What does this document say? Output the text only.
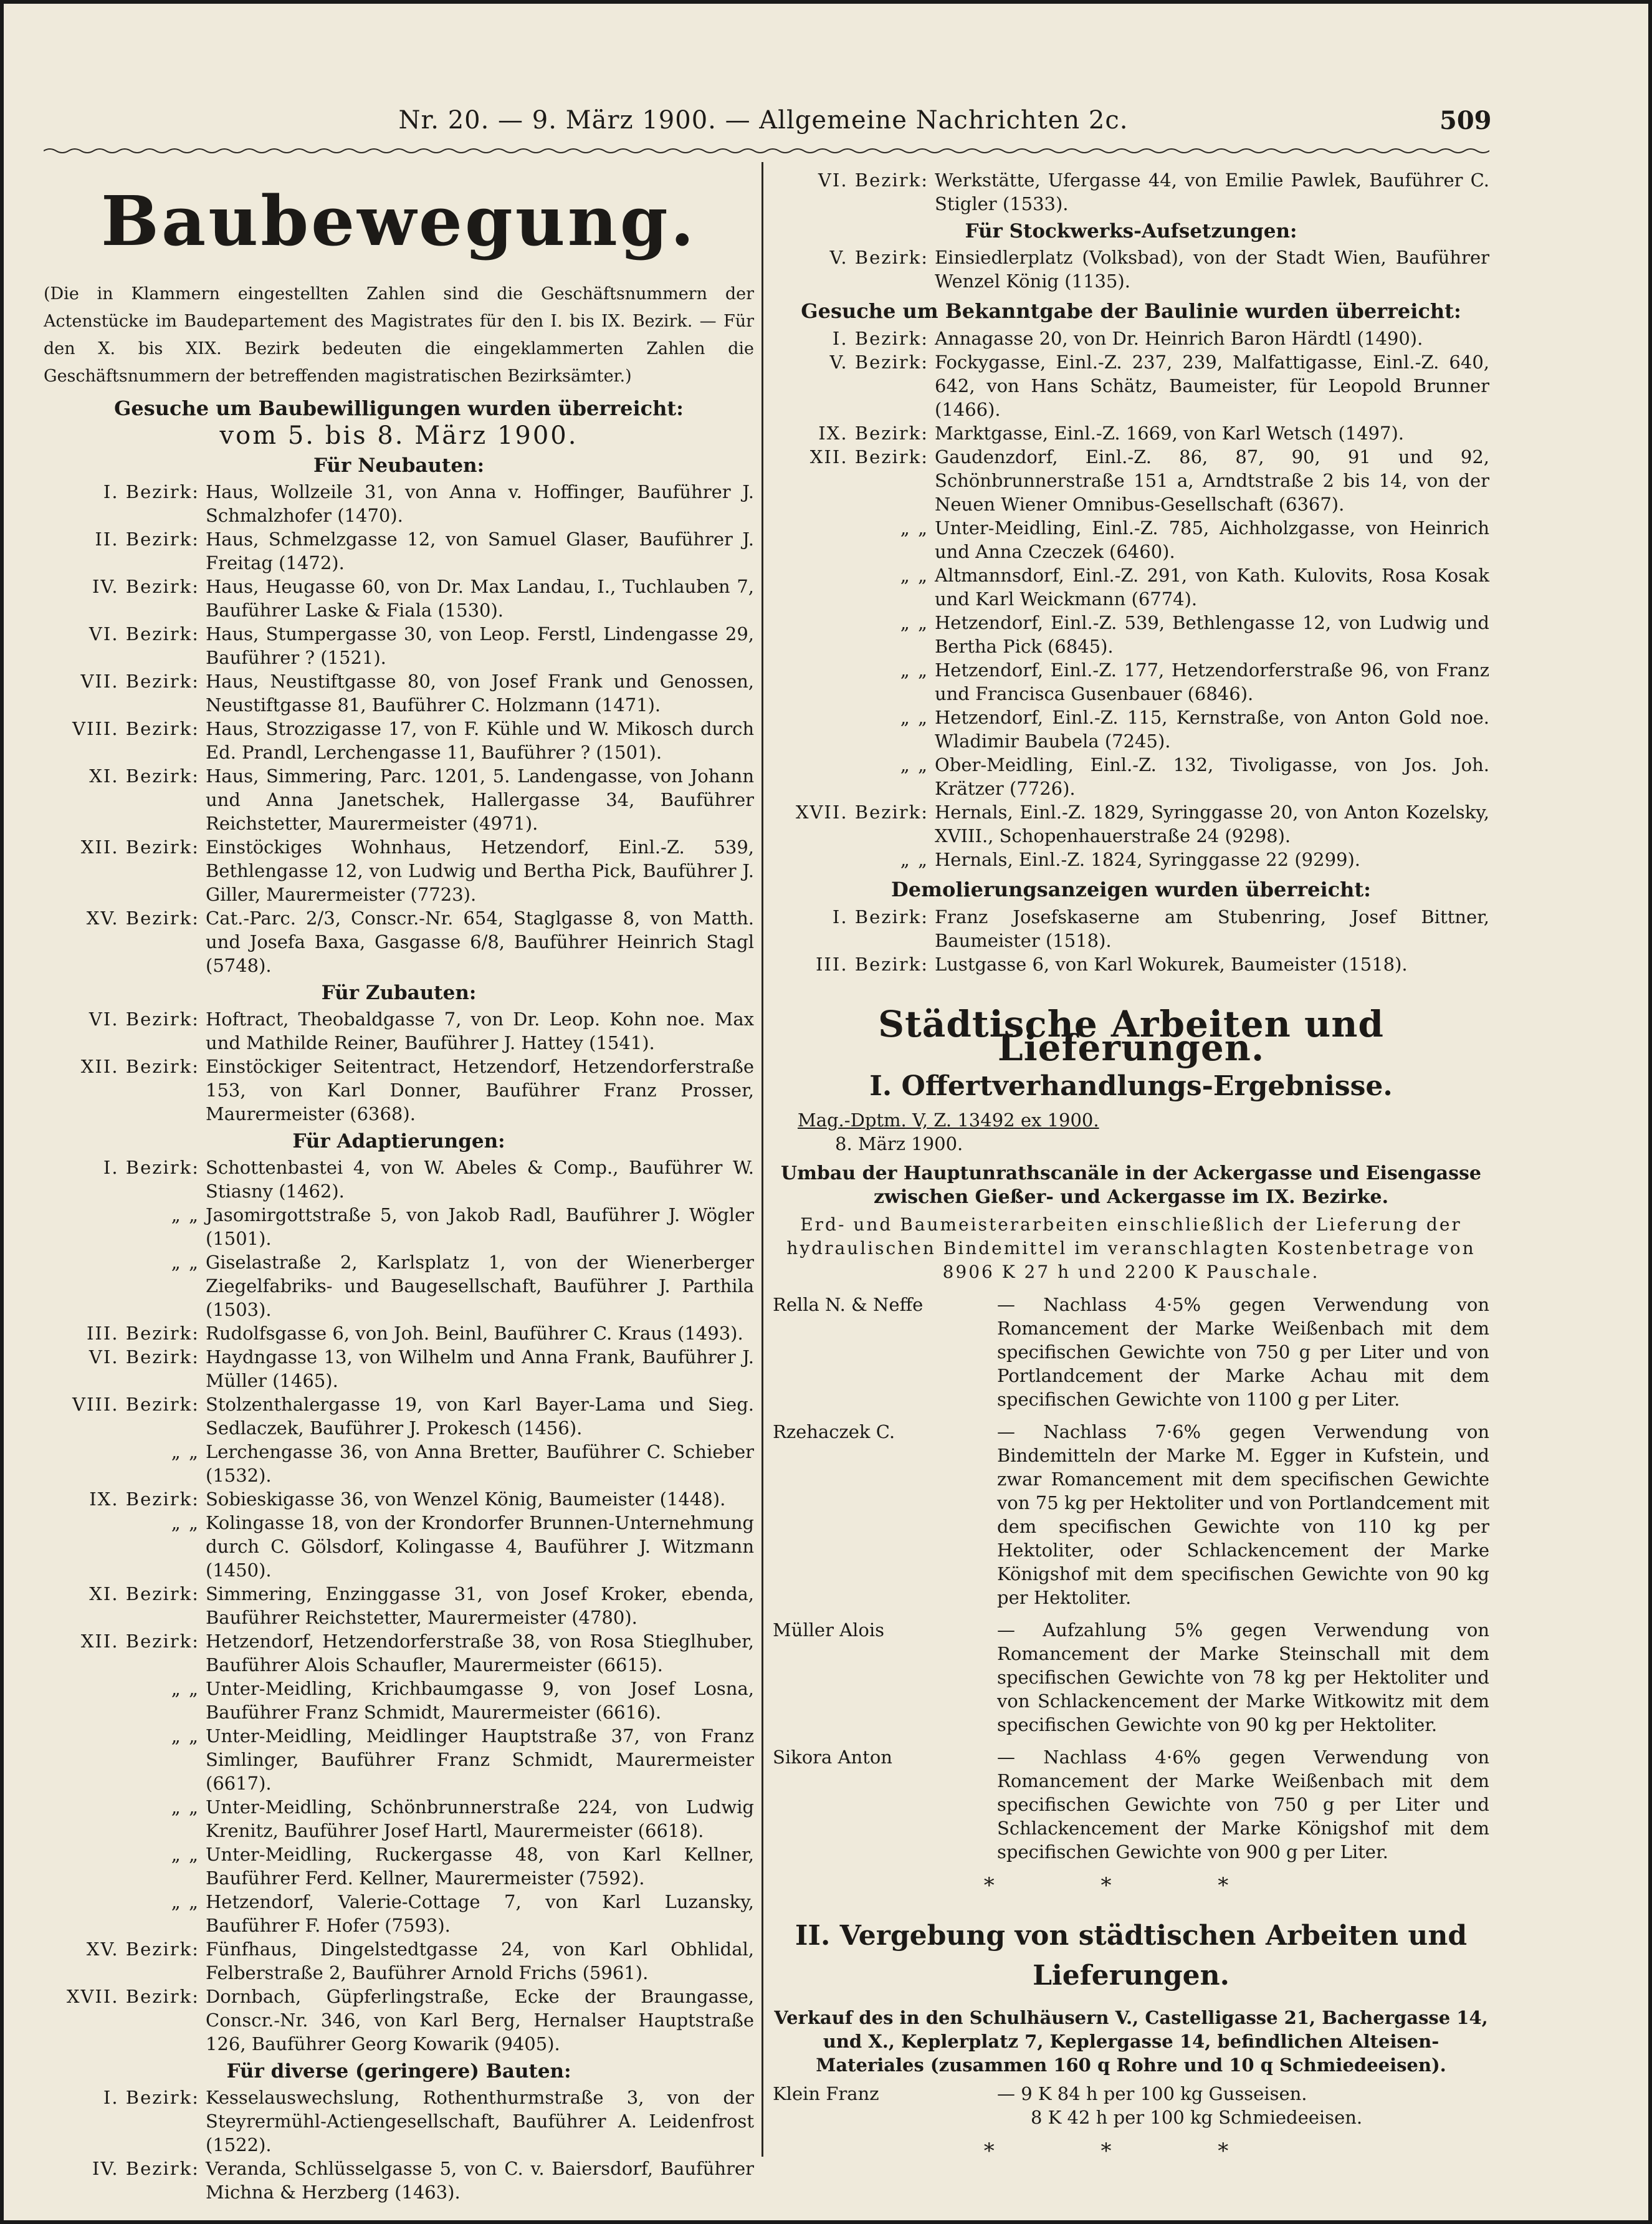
Nr. 20. — 9. März 1900. — Allgemeine Nachrichten 2c.	509
Baubewegung.
(Die in Klammern eingestellten Zahlen sind die Geschäftsnummern der Actenstücke im Baudepartement des Magistrates für den I. bis IX. Bezirk. — Für den X. bis XIX. Bezirk bedeuten die eingeklammerten Zahlen die Geschäftsnummern der betreffenden magistratischen Bezirksämter.)
Gesuche um Baubewilligungen wurden überreicht:
vom 5. bis 8. März 1900.
Für Neubauten:
I. Bezirk: Haus, Wollzeile 31, von Anna v. Hoffinger, Bauführer J. Schmalzhofer (1470).
II. Bezirk: Haus, Schmelzgasse 12, von Samuel Glaser, Bauführer J. Freitag (1472).
IV. Bezirk: Haus, Heugasse 60, von Dr. Max Landau, I., Tuchlauben 7, Bauführer Laske & Fiala (1530).
VI. Bezirk: Haus, Stumpergasse 30, von Leop. Ferstl, Lindengasse 29, Bauführer ? (1521).
VII. Bezirk: Haus, Neustiftgasse 80, von Josef Frank und Genossen, Neustiftgasse 81, Bauführer C. Holzmann (1471).
VIII. Bezirk: Haus, Strozzigasse 17, von F. Kühle und W. Mikosch durch Ed. Prandl, Lerchengasse 11, Bauführer ? (1501).
XI. Bezirk: Haus, Simmering, Parc. 1201, 5. Landengasse, von Johann und Anna Janetschek, Hallergasse 34, Bauführer Reichstetter, Maurermeister (4971).
XII. Bezirk: Einstöckiges Wohnhaus, Hetzendorf, Einl.-Z. 539, Bethlengasse 12, von Ludwig und Bertha Pick, Bauführer J. Giller, Maurermeister (7723).
XV. Bezirk: Cat.-Parc. 2/3, Conscr.-Nr. 654, Staglgasse 8, von Matth. und Josefa Baxa, Gasgasse 6/8, Bauführer Heinrich Stagl (5748).
Für Zubauten:
VI. Bezirk: Hoftract, Theobaldgasse 7, von Dr. Leop. Kohn noe. Max und Mathilde Reiner, Bauführer J. Hattey (1541).
XII. Bezirk: Einstöckiger Seitentract, Hetzendorf, Hetzendorferstraße 153, von Karl Donner, Bauführer Franz Prosser, Maurermeister (6368).
Für Adaptierungen:
I. Bezirk: Schottenbastei 4, von W. Abeles & Comp., Bauführer W. Stiasny (1462).
„ „ Jasomirgottstraße 5, von Jakob Radl, Bauführer J. Wögler (1501).
„ „ Giselastraße 2, Karlsplatz 1, von der Wienerberger Ziegelfabriks- und Baugesellschaft, Bauführer J. Parthila (1503).
III. Bezirk: Rudolfsgasse 6, von Joh. Beinl, Bauführer C. Kraus (1493).
VI. Bezirk: Haydngasse 13, von Wilhelm und Anna Frank, Bauführer J. Müller (1465).
VIII. Bezirk: Stolzenthalergasse 19, von Karl Bayer-Lama und Sieg. Sedlaczek, Bauführer J. Prokesch (1456).
„ „ Lerchengasse 36, von Anna Bretter, Bauführer C. Schieber (1532).
IX. Bezirk: Sobieskigasse 36, von Wenzel König, Baumeister (1448).
„ „ Kolingasse 18, von der Krondorfer Brunnen-Unternehmung durch C. Gölsdorf, Kolingasse 4, Bauführer J. Witzmann (1450).
XI. Bezirk: Simmering, Enzinggasse 31, von Josef Kroker, ebenda, Bauführer Reichstetter, Maurermeister (4780).
XII. Bezirk: Hetzendorf, Hetzendorferstraße 38, von Rosa Stieglhuber, Bauführer Alois Schaufler, Maurermeister (6615).
„ „ Unter-Meidling, Krichbaumgasse 9, von Josef Losna, Bauführer Franz Schmidt, Maurermeister (6616).
„ „ Unter-Meidling, Meidlinger Hauptstraße 37, von Franz Simlinger, Bauführer Franz Schmidt, Maurermeister (6617).
„ „ Unter-Meidling, Schönbrunnerstraße 224, von Ludwig Krenitz, Bauführer Josef Hartl, Maurermeister (6618).
„ „ Unter-Meidling, Ruckergasse 48, von Karl Kellner, Bauführer Ferd. Kellner, Maurermeister (7592).
„ „ Hetzendorf, Valerie-Cottage 7, von Karl Luzansky, Bauführer F. Hofer (7593).
XV. Bezirk: Fünfhaus, Dingelstedtgasse 24, von Karl Obhlidal, Felberstraße 2, Bauführer Arnold Frichs (5961).
XVII. Bezirk: Dornbach, Güpferlingstraße, Ecke der Braungasse, Conscr.-Nr. 346, von Karl Berg, Hernalser Hauptstraße 126, Bauführer Georg Kowarik (9405).
Für diverse (geringere) Bauten:
I. Bezirk: Kesselauswechslung, Rothenthurmstraße 3, von der Steyrermühl-Actiengesellschaft, Bauführer A. Leidenfrost (1522).
IV. Bezirk: Veranda, Schlüsselgasse 5, von C. v. Baiersdorf, Bauführer Michna & Herzberg (1463).
VI. Bezirk: Werkstätte, Ufergasse 44, von Emilie Pawlek, Bauführer C. Stigler (1533).
Für Stockwerks-Aufsetzungen:
V. Bezirk: Einsiedlerplatz (Volksbad), von der Stadt Wien, Bauführer Wenzel König (1135).
Gesuche um Bekanntgabe der Baulinie wurden überreicht:
I. Bezirk: Annagasse 20, von Dr. Heinrich Baron Härdtl (1490).
V. Bezirk: Fockygasse, Einl.-Z. 237, 239, Malfattigasse, Einl.-Z. 640, 642, von Hans Schätz, Baumeister, für Leopold Brunner (1466).
IX. Bezirk: Marktgasse, Einl.-Z. 1669, von Karl Wetsch (1497).
XII. Bezirk: Gaudenzdorf, Einl.-Z. 86, 87, 90, 91 und 92, Schönbrunnerstraße 151 a, Arndtstraße 2 bis 14, von der Neuen Wiener Omnibus-Gesellschaft (6367).
„ „ Unter-Meidling, Einl.-Z. 785, Aichholzgasse, von Heinrich und Anna Czeczek (6460).
„ „ Altmannsdorf, Einl.-Z. 291, von Kath. Kulovits, Rosa Kosak und Karl Weickmann (6774).
„ „ Hetzendorf, Einl.-Z. 539, Bethlengasse 12, von Ludwig und Bertha Pick (6845).
„ „ Hetzendorf, Einl.-Z. 177, Hetzendorferstraße 96, von Franz und Francisca Gusenbauer (6846).
„ „ Hetzendorf, Einl.-Z. 115, Kernstraße, von Anton Gold noe. Wladimir Baubela (7245).
„ „ Ober-Meidling, Einl.-Z. 132, Tivoligasse, von Jos. Joh. Krätzer (7726).
XVII. Bezirk: Hernals, Einl.-Z. 1829, Syringgasse 20, von Anton Kozelsky, XVIII., Schopenhauerstraße 24 (9298).
„ „ Hernals, Einl.-Z. 1824, Syringgasse 22 (9299).
Demolierungsanzeigen wurden überreicht:
I. Bezirk: Franz Josefskaserne am Stubenring, Josef Bittner, Baumeister (1518).
III. Bezirk: Lustgasse 6, von Karl Wokurek, Baumeister (1518).
Städtische Arbeiten und Lieferungen.
I. Offertverhandlungs-Ergebnisse.
Mag.-Dptm. V, Z. 13492 ex 1900.
8. März 1900.
Umbau der Hauptunrathscanäle in der Ackergasse und Eisengasse zwischen Gießer- und Ackergasse im IX. Bezirke.
Erd- und Baumeisterarbeiten einschließlich der Lieferung der hydraulischen Bindemittel im veranschlagten Kostenbetrage von 8906 K 27 h und 2200 K Pauschale.
Rella N. & Neffe	— Nachlass 4·5% gegen Verwendung von Romancement der Marke Weißenbach mit dem specifischen Gewichte von 750 g per Liter und von Portlandcement der Marke Achau mit dem specifischen Gewichte von 1100 g per Liter.
Rzehaczek C.	— Nachlass 7·6% gegen Verwendung von Bindemitteln der Marke M. Egger in Kufstein, und zwar Romancement mit dem specifischen Gewichte von 75 kg per Hektoliter und von Portlandcement mit dem specifischen Gewichte von 110 kg per Hektoliter, oder Schlackencement der Marke Königshof mit dem specifischen Gewichte von 90 kg per Hektoliter.
Müller Alois	— Aufzahlung 5% gegen Verwendung von Romancement der Marke Steinschall mit dem specifischen Gewichte von 78 kg per Hektoliter und von Schlackencement der Marke Witkowitz mit dem specifischen Gewichte von 90 kg per Hektoliter.
Sikora Anton	— Nachlass 4·6% gegen Verwendung von Romancement der Marke Weißenbach mit dem specifischen Gewichte von 750 g per Liter und Schlackencement der Marke Königshof mit dem specifischen Gewichte von 900 g per Liter.
* * *
II. Vergebung von städtischen Arbeiten und Lieferungen.
Verkauf des in den Schulhäusern V., Castelligasse 21, Bachergasse 14, und X., Keplerplatz 7, Keplergasse 14, befindlichen Alteisen-Materiales (zusammen 160 q Rohre und 10 q Schmiedeeisen).
Klein Franz	— 9 K 84 h per 100 kg Gusseisen.
8 K 42 h per 100 kg Schmiedeeisen.
* * *
